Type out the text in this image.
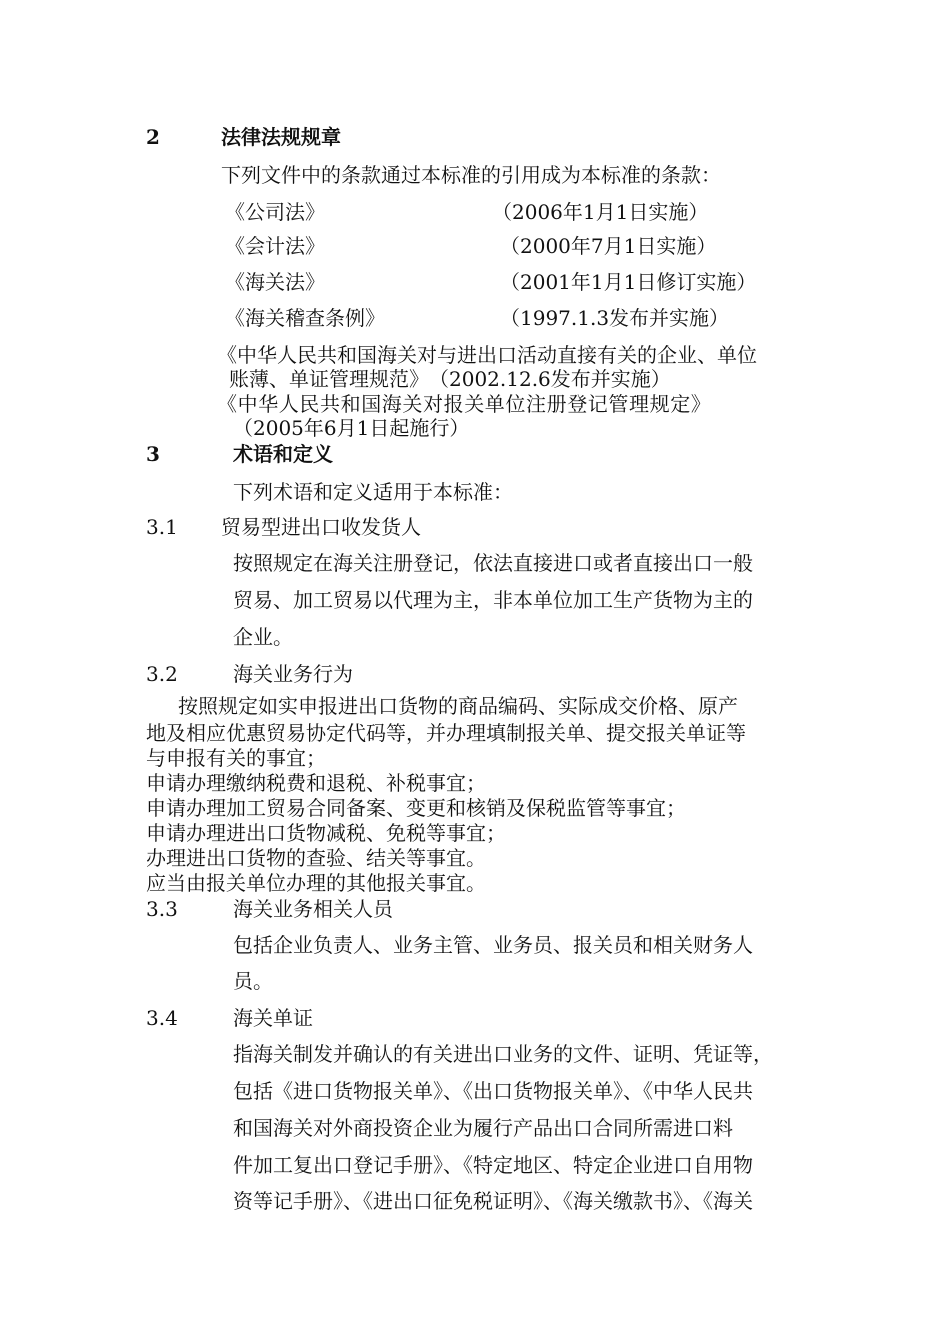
2	法律法规规章
下列文件中的条款通过本标准的引用成为本标准的条款：
《公司法》	（2006年1月1日实施）
《会计法》	（2000年7月1日实施）
《海关法》	（2001年1月1日修订实施）
《海关稽查条例》	（1997.1.3发布并实施）
《中华人民共和国海关对与进出口活动直接有关的企业、单位
账薄、单证管理规范》　（2002.12.6发布并实施）
《中华人民共和国海关对报关单位注册登记管理规定》
（2005年6月1日起施行）
3	术语和定义
下列术语和定义适用于本标准：
3.1 贸易型进出口收发货人
按照规定在海关注册登记，依法直接进口或者直接出口一般
贸易、加工贸易以代理为主，非本单位加工生产货物为主的
企业。
3.2	海关业务行为
按照规定如实申报进出口货物的商品编码、实际成交价格、原产
地及相应优惠贸易协定代码等，并办理填制报关单、提交报关单证等
与申报有关的事宜；
申请办理缴纳税费和退税、补税事宜；
申请办理加工贸易合同备案、变更和核销及保税监管等事宜；
申请办理进出口货物减税、免税等事宜；
办理进出口货物的查验、结关等事宜。
应当由报关单位办理的其他报关事宜。
3.3	海关业务相关人员
包括企业负责人、业务主管、业务员、报关员和相关财务人
员。
3.4	海关单证
指海关制发并确认的有关进出口业务的文件、证明、凭证等，
包括《进口货物报关单》、《出口货物报关单》、《中华人民共
和国海关对外商投资企业为履行产品出口合同所需进口料
件加工复出口登记手册》、《特定地区、特定企业进口自用物
资等记手册》、《进出口征免税证明》、《海关缴款书》、《海关
